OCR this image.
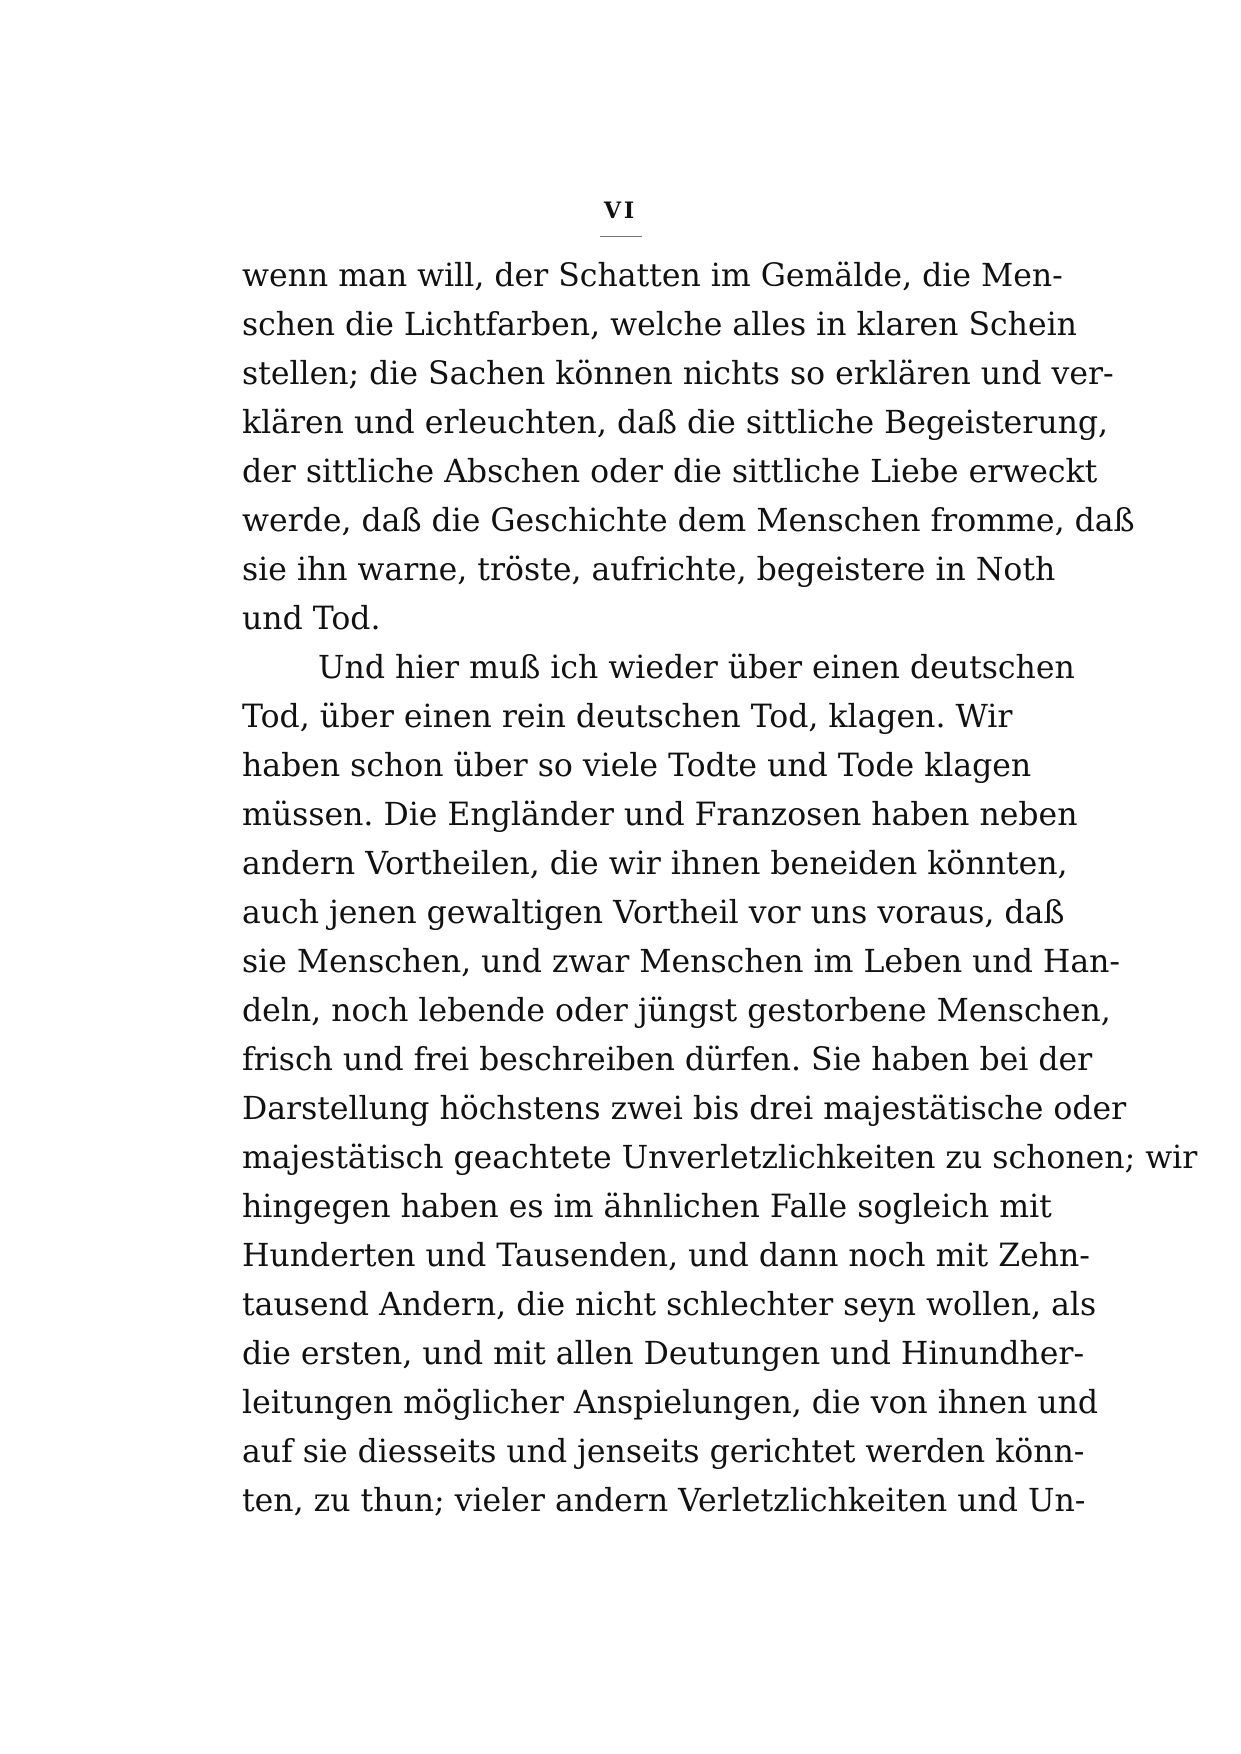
VI
wenn man will, der Schatten im Gemälde, die Men-
schen die Lichtfarben, welche alles in klaren Schein
stellen; die Sachen können nichts so erklären und ver-
klären und erleuchten, daß die sittliche Begeisterung,
der sittliche Abschen oder die sittliche Liebe erweckt
werde, daß die Geschichte dem Menschen fromme, daß
sie ihn warne, tröste, aufrichte, begeistere in Noth
und Tod.
Und hier muß ich wieder über einen deutschen
Tod, über einen rein deutschen Tod, klagen. Wir
haben schon über so viele Todte und Tode klagen
müssen. Die Engländer und Franzosen haben neben
andern Vortheilen, die wir ihnen beneiden könnten,
auch jenen gewaltigen Vortheil vor uns voraus, daß
sie Menschen, und zwar Menschen im Leben und Han-
deln, noch lebende oder jüngst gestorbene Menschen,
frisch und frei beschreiben dürfen. Sie haben bei der
Darstellung höchstens zwei bis drei majestätische oder
majestätisch geachtete Unverletzlichkeiten zu schonen; wir
hingegen haben es im ähnlichen Falle sogleich mit
Hunderten und Tausenden, und dann noch mit Zehn-
tausend Andern, die nicht schlechter seyn wollen, als
die ersten, und mit allen Deutungen und Hinundher-
leitungen möglicher Anspielungen, die von ihnen und
auf sie diesseits und jenseits gerichtet werden könn-
ten, zu thun; vieler andern Verletzlichkeiten und Un-
